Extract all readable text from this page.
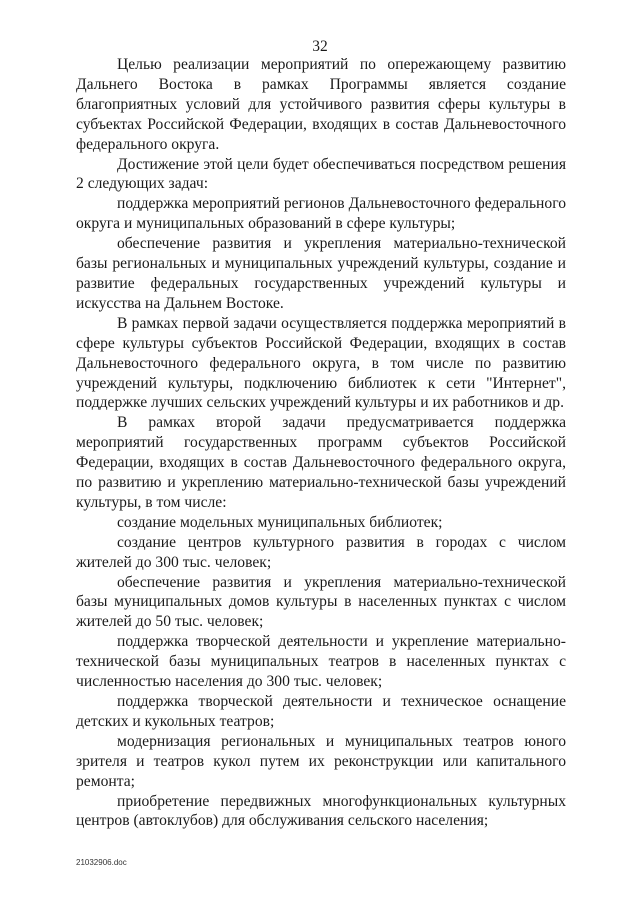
32

Целью реализации мероприятий по опережающему развитию Дальнего Востока в рамках Программы является создание благоприятных условий для устойчивого развития сферы культуры в субъектах Российской Федерации, входящих в состав Дальневосточного федерального округа.

Достижение этой цели будет обеспечиваться посредством решения 2 следующих задач:

поддержка мероприятий регионов Дальневосточного федерального округа и муниципальных образований в сфере культуры;

обеспечение развития и укрепления материально-технической базы региональных и муниципальных учреждений культуры, создание и развитие федеральных государственных учреждений культуры и искусства на Дальнем Востоке.

В рамках первой задачи осуществляется поддержка мероприятий в сфере культуры субъектов Российской Федерации, входящих в состав Дальневосточного федерального округа, в том числе по развитию учреждений культуры, подключению библиотек к сети "Интернет", поддержке лучших сельских учреждений культуры и их работников и др.

В рамках второй задачи предусматривается поддержка мероприятий государственных программ субъектов Российской Федерации, входящих в состав Дальневосточного федерального округа, по развитию и укреплению материально-технической базы учреждений культуры, в том числе:

создание модельных муниципальных библиотек;

создание центров культурного развития в городах с числом жителей до 300 тыс. человек;

обеспечение развития и укрепления материально-технической базы муниципальных домов культуры в населенных пунктах с числом жителей до 50 тыс. человек;

поддержка творческой деятельности и укрепление материально-технической базы муниципальных театров в населенных пунктах с численностью населения до 300 тыс. человек;

поддержка творческой деятельности и техническое оснащение детских и кукольных театров;

модернизация региональных и муниципальных театров юного зрителя и театров кукол путем их реконструкции или капитального ремонта;

приобретение передвижных многофункциональных культурных центров (автоклубов) для обслуживания сельского населения;

21032906.doc
